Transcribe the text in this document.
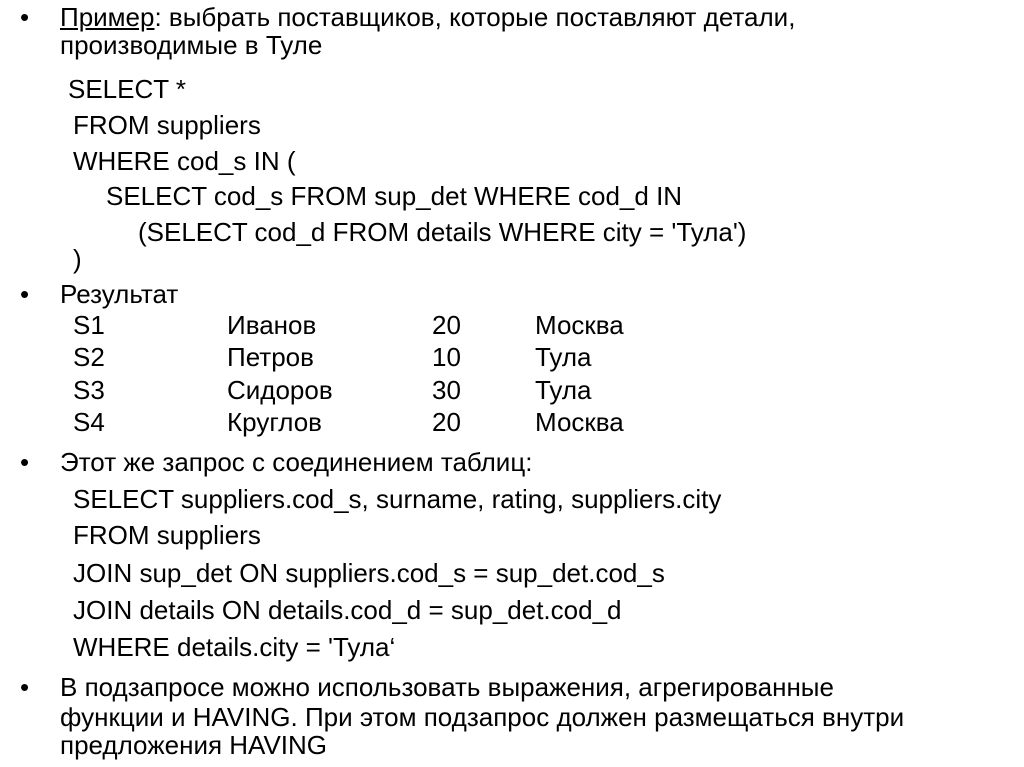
• Пример: выбрать поставщиков, которые поставляют детали,
производимые в Туле
SELECT *
FROM suppliers
WHERE cod_s IN (
SELECT cod_s FROM sup_det WHERE cod_d IN
(SELECT cod_d FROM details WHERE city = 'Тула')
)
• Результат
S1	Иванов	20	Москва
S2	Петров	10	Тула
S3	Сидоров	30	Тула
S4	Круглов	20	Москва
• Этот же запрос с соединением таблиц:
SELECT suppliers.cod_s, surname, rating, suppliers.city
FROM suppliers
JOIN sup_det ON suppliers.cod_s = sup_det.cod_s
JOIN details ON details.cod_d = sup_det.cod_d
WHERE details.city = 'Тула‘
• В подзапросе можно использовать выражения, агрегированные
функции и HAVING. При этом подзапрос должен размещаться внутри
предложения HAVING
